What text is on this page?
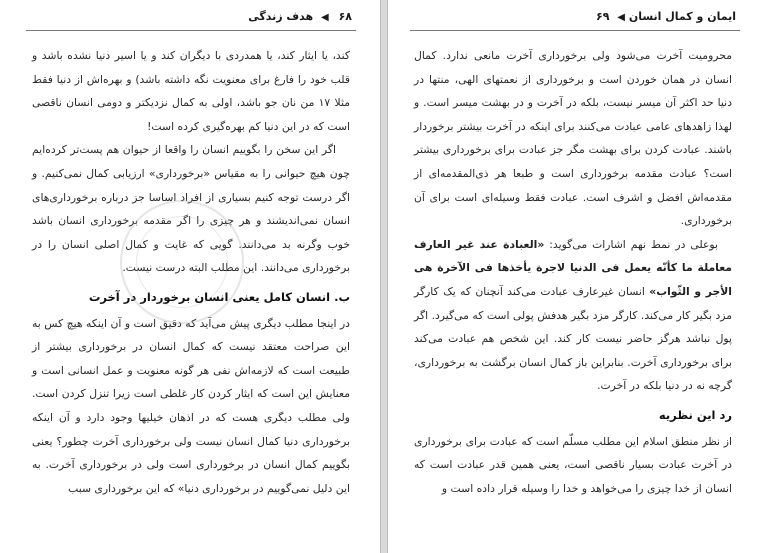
۶۸ ◀ هدف زندگی

کند، یا ایثار کند، یا همدردی با دیگران کند و یا اسیر دنیا نشده باشد و قلب خود را فارغ برای معنویت نگه داشته باشد) و بهره‌اش از دنیا فقط مثلا ۱۷ من نان جو باشد، اولی به کمال نزدیکتر و دومی انسان ناقصی است که در این دنیا کم بهره‌گیری کرده است!

اگر این سخن را بگوییم انسان را واقعا از حیوان هم پست‌تر کرده‌ایم چون هیچ حیوانی را به مقیاس «برخورداری» ارزیابی کمال نمی‌کنیم. و اگر درست توجه کنیم بسیاری از افراد اساسا جز درباره برخورداری‌های انسان نمی‌اندیشند و هر چیزی را اگر مقدمه برخورداری انسان باشد خوب وگرنه بد می‌دانند. گویی که غایت و کمال اصلی انسان را در برخورداری می‌دانند. این مطلب البته درست نیست.

ب. انسان کامل یعنی انسان برخوردار در آخرت

در اینجا مطلب دیگری پیش می‌آید که دقیق است و آن اینکه هیچ کس به این صراحت معتقد نیست که کمال انسان در برخورداری بیشتر از طبیعت است که لازمه‌اش نفی هر گونه معنویت و عمل انسانی است و معنایش این است که ایثار کردن کار غلطی است زیرا تنزل کردن است. ولی مطلب دیگری هست که در اذهان خیلیها وجود دارد و آن اینکه برخورداری دنیا کمال انسان نیست ولی برخورداری آخرت چطور؟ یعنی بگوییم کمال انسان در برخورداری است ولی در برخورداری آخرت. به این دلیل نمی‌گوییم در برخورداری دنیا» که این برخورداری سبب

ایمان و کمال انسان ◀ ۶۹

محرومیت آخرت می‌شود ولی برخورداری آخرت مانعی ندارد. کمال انسان در همان خوردن است و برخورداری از نعمتهای الهی، منتها در دنیا حد اکثر آن میسر نیست، بلکه در آخرت و در بهشت میسر است. و لهذا زاهدهای عامی عبادت می‌کنند برای اینکه در آخرت بیشتر برخوردار باشند. عبادت کردن برای بهشت مگر جز عبادت برای برخورداری بیشتر است؟ عبادت مقدمه برخورداری است و طبعا هر ذی‌المقدمه‌ای از مقدمه‌اش افضل و اشرف است. عبادت فقط وسیله‌ای است برای آن برخورداری.

بوعلی در نمط نهم اشارات می‌گوید: «العبادة عند غیر العارف معاملة ما کأنّه یعمل فی الدنیا لاجرة یأخذها فی الآخرة هی الأجر و الثّواب» انسان غیرعارف عبادت می‌کند آنچنان که یک کارگر مزد بگیر کار می‌کند. کارگر مزد بگیر هدفش پولی است که می‌گیرد. اگر پول نباشد هرگز حاضر نیست کار کند. این شخص هم عبادت می‌کند برای برخورداری آخرت. بنابراین باز کمال انسان برگشت به برخورداری، گرچه نه در دنیا بلکه در آخرت.

رد این نظریه

از نظر منطق اسلام این مطلب مسلّم است که عبادت برای برخورداری در آخرت عبادت بسیار ناقصی است، یعنی همین قدر عبادت است که انسان از خدا چیزی را می‌خواهد و خدا را وسیله قرار داده است و
